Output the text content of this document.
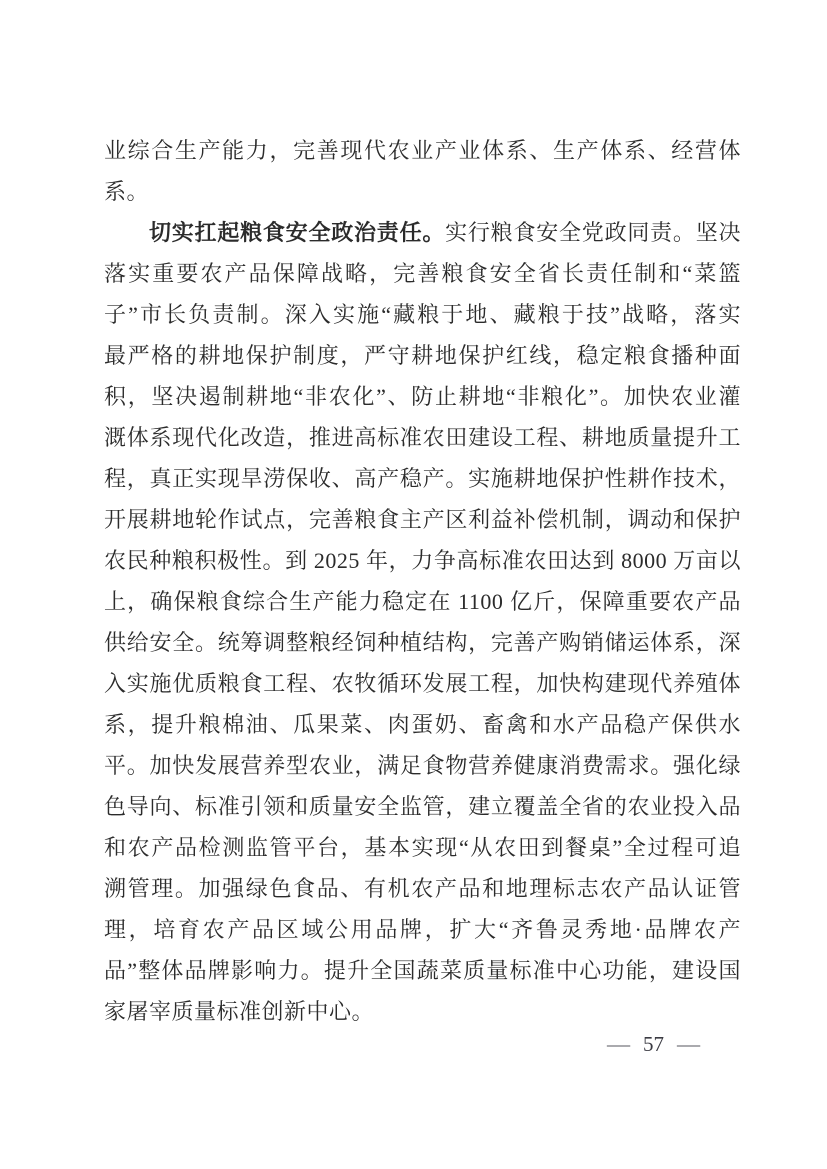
业综合生产能力，完善现代农业产业体系、生产体系、经营体
系。
切实扛起粮食安全政治责任。实行粮食安全党政同责。坚决
落实重要农产品保障战略，完善粮食安全省长责任制和“菜篮
子”市长负责制。深入实施“藏粮于地、藏粮于技”战略，落实
最严格的耕地保护制度，严守耕地保护红线，稳定粮食播种面
积，坚决遏制耕地“非农化”、防止耕地“非粮化”。加快农业灌
溉体系现代化改造，推进高标准农田建设工程、耕地质量提升工
程，真正实现旱涝保收、高产稳产。实施耕地保护性耕作技术，
开展耕地轮作试点，完善粮食主产区利益补偿机制，调动和保护
农民种粮积极性。到 2025 年，力争高标准农田达到 8000 万亩以
上，确保粮食综合生产能力稳定在 1100 亿斤，保障重要农产品
供给安全。统筹调整粮经饲种植结构，完善产购销储运体系，深
入实施优质粮食工程、农牧循环发展工程，加快构建现代养殖体
系，提升粮棉油、瓜果菜、肉蛋奶、畜禽和水产品稳产保供水
平。加快发展营养型农业，满足食物营养健康消费需求。强化绿
色导向、标准引领和质量安全监管，建立覆盖全省的农业投入品
和农产品检测监管平台，基本实现“从农田到餐桌”全过程可追
溯管理。加强绿色食品、有机农产品和地理标志农产品认证管
理，培育农产品区域公用品牌，扩大“齐鲁灵秀地·品牌农产
品”整体品牌影响力。提升全国蔬菜质量标准中心功能，建设国
家屠宰质量标准创新中心。
— 57 —
